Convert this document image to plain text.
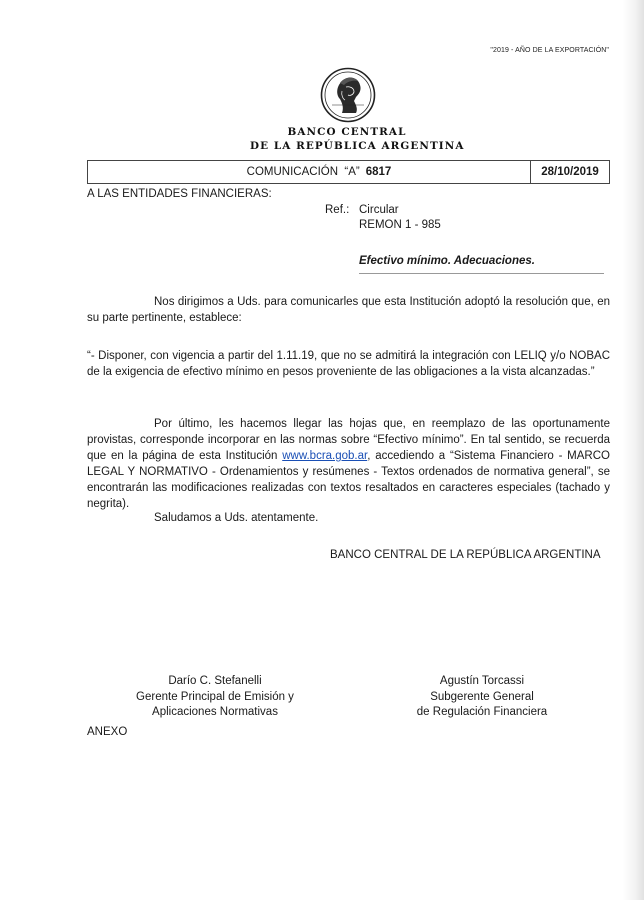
"2019 - AÑO DE LA EXPORTACIÓN"
BANCO CENTRAL
DE LA REPÚBLICA ARGENTINA
COMUNICACIÓN  “A” 6817	28/10/2019
A LAS ENTIDADES FINANCIERAS:
Ref.: Circular
REMON 1 - 985
Efectivo mínimo. Adecuaciones.
Nos dirigimos a Uds. para comunicarles que esta Institución adoptó la resolución que, en su parte pertinente, establece:
“- Disponer, con vigencia a partir del 1.11.19, que no se admitirá la integración con LELIQ y/o NOBAC de la exigencia de efectivo mínimo en pesos proveniente de las obligaciones a la vista alcanzadas.”
Por último, les hacemos llegar las hojas que, en reemplazo de las oportunamente provistas, corresponde incorporar en las normas sobre “Efectivo mínimo”. En tal sentido, se recuerda que en la página de esta Institución www.bcra.gob.ar, accediendo a “Sistema Financiero - MARCO LEGAL Y NORMATIVO - Ordenamientos y resúmenes - Textos ordenados de normativa general”, se encontrarán las modificaciones realizadas con textos resaltados en caracteres especiales (tachado y negrita).
Saludamos a Uds. atentamente.
BANCO CENTRAL DE LA REPÚBLICA ARGENTINA
Darío C. Stefanelli
Gerente Principal de Emisión y
Aplicaciones Normativas
Agustín Torcassi
Subgerente General
de Regulación Financiera
ANEXO
